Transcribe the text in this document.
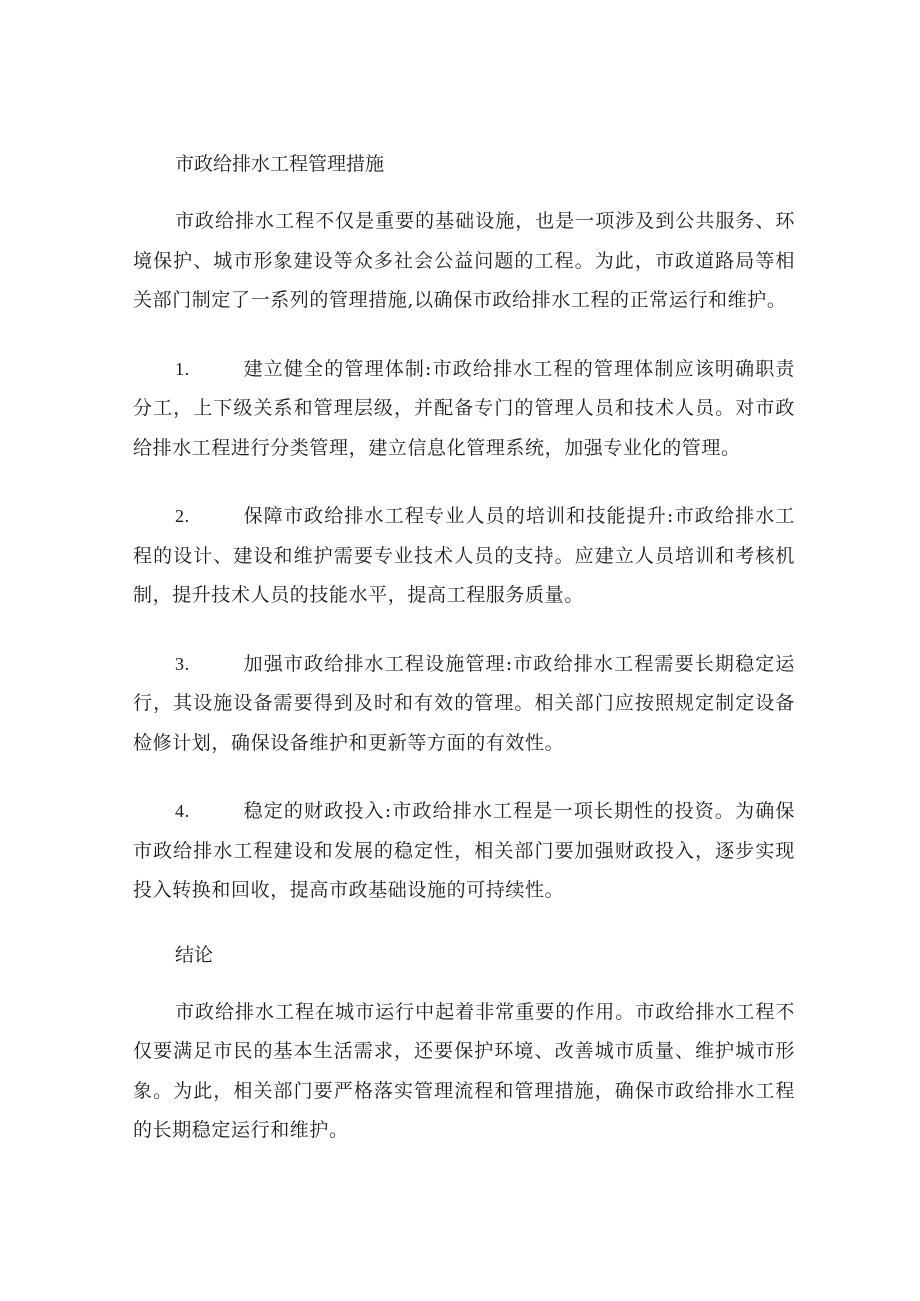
市政给排水工程管理措施

市政给排水工程不仅是重要的基础设施，也是一项涉及到公共服务、环境保护、城市形象建设等众多社会公益问题的工程。为此，市政道路局等相关部门制定了一系列的管理措施,以确保市政给排水工程的正常运行和维护。

1.	建立健全的管理体制:市政给排水工程的管理体制应该明确职责分工，上下级关系和管理层级，并配备专门的管理人员和技术人员。对市政给排水工程进行分类管理，建立信息化管理系统，加强专业化的管理。

2.	保障市政给排水工程专业人员的培训和技能提升:市政给排水工程的设计、建设和维护需要专业技术人员的支持。应建立人员培训和考核机制，提升技术人员的技能水平，提高工程服务质量。

3.	加强市政给排水工程设施管理:市政给排水工程需要长期稳定运行，其设施设备需要得到及时和有效的管理。相关部门应按照规定制定设备检修计划，确保设备维护和更新等方面的有效性。

4.	稳定的财政投入:市政给排水工程是一项长期性的投资。为确保市政给排水工程建设和发展的稳定性，相关部门要加强财政投入，逐步实现投入转换和回收，提高市政基础设施的可持续性。

结论

市政给排水工程在城市运行中起着非常重要的作用。市政给排水工程不仅要满足市民的基本生活需求，还要保护环境、改善城市质量、维护城市形象。为此，相关部门要严格落实管理流程和管理措施，确保市政给排水工程的长期稳定运行和维护。
